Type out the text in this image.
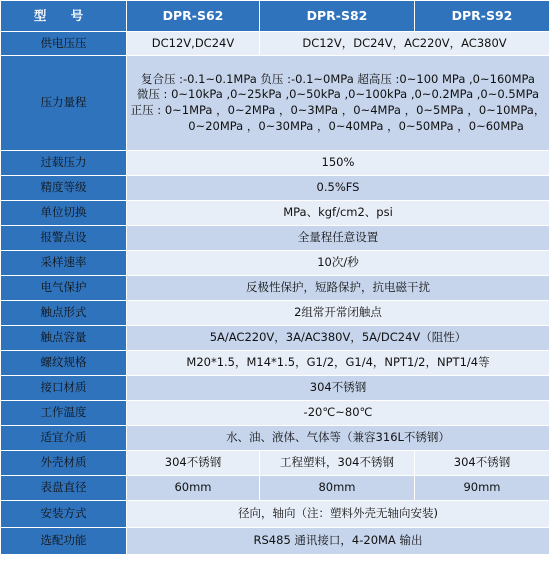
型 号	DPR-S62	DPR-S82	DPR-S92
供电压压	DC12V,DC24V	DC12V，DC24V，AC220V，AC380V	
压力量程	复合压 :-0.1~0.1MPa 负压 :-0.1~0MPa 超高压 :0~100 MPa ,0~160MPa
微压 : 0~10kPa ,0~25kPa ,0~50kPa ,0~100kPa ,0~0.2MPa ,0~0.5MPa
正压 : 0~1MPa ，0~2MPa ，0~3MPa ，0~4MPa ，0~5MPa ，0~10MPa，
0~20MPa ，0~30MPa ，0~40MPa ，0~50MPa ，0~60MPa		

过载压力	150%		
精度等级	0.5%FS		
单位切换	MPa、kgf/cm2、psi		
报警点设	全量程任意设置		
采样速率	10次/秒		
电气保护	反极性保护，短路保护，抗电磁干扰		
触点形式	2组常开常闭触点		
触点容量	5A/AC220V，3A/AC380V，5A/DC24V（阻性）		
螺纹规格	M20*1.5，M14*1.5，G1/2，G1/4，NPT1/2，NPT1/4等		
接口材质	304不锈钢		
工作温度	-20℃~80℃		
适宜介质	水、油、液体、气体等（兼容316L不锈钢）		
外壳材质	304不锈钢	工程塑料，304不锈钢	304不锈钢
表盘直径	60mm	80mm	90mm
安装方式	径向，轴向（注：塑料外壳无轴向安装)		
选配功能	RS485 通讯接口，4-20MA 输出		
